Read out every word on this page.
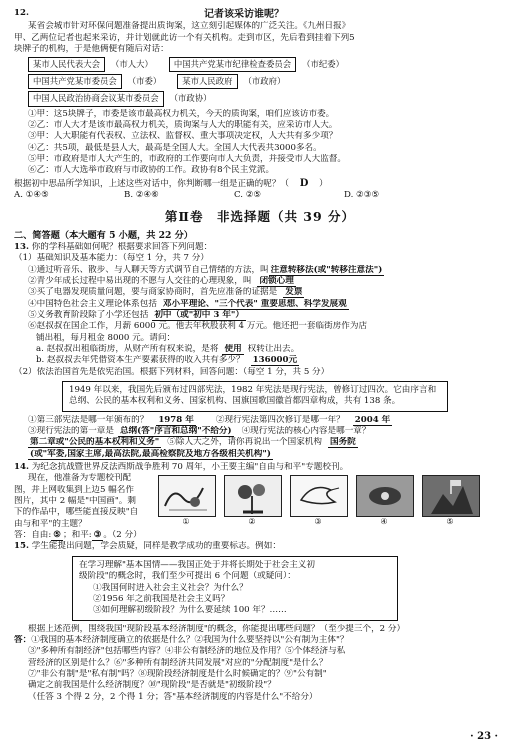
12.	记者该采访谁呢？
某省会城市针对环保问题准备提出质询案，这立刻引起媒体的广泛关注。《九州日报》
甲、乙两位记者也起来采访，并计划就此访一个有关机构。走到市区，先后看到挂着下列5
块牌子的机构，于是他俩便有随后对话：
某市人民代表大会	（市人大）	中国共产党某市纪律检查委员会	（市纪委）
中国共产党某市委员会	（市委）	某市人民政府	（市政府）
中国人民政治协商会议某市委员会	（市政协）
①甲：这5块牌子，市委是该市最高权力机关，今天的质询案，咱们应该访市委。
②乙：市人大才是该市最高权力机关，质询案与人大的职能有关，应采访市人大。
③甲：人大职能有代表权、立法权、监督权、重大事项决定权，人大共有多少项？
④乙：共5项，最低是县人大，最高是全国人大。全国人大代表共3000多名。
⑤甲：市政府是市人大产生的，市政府的工作要向市人大负责，并接受市人大监督。
⑥乙：市人大选举市政府与市政协的工作。政协有8个民主党派。
根据初中思品所学知识，上述这些对话中，你判断哪一组是正确的呢？（ D ）
A. ①④⑤	B. ②④⑥	C. ②⑤	D. ②③⑤
第Ⅱ卷　非选择题（共 39 分）
二、简答题（本大题有 5 小题，共 22 分）
13. 你的学科基础如何呢？根据要求回答下列问题：
（1）基础知识及基本能力：（每空 1 分，共 7 分）
①通过听音乐、散步、与人聊天等方式调节自己情绪的方法，叫 注意转移法(或"转移注意法")
②青少年成长过程中易出现的不愿与人交往的心理现象，叫 闭锁心理
③买了电器发现质量问题，要与商家协商时，首先应准备的证据是 发票
④中国特色社会主义理论体系包括 邓小平理论、"三个代表" 重要思想、科学发展观
⑤义务教育阶段除了小学还包括 初中（或"初中 3 年"）
⑥赵叔叔在国企工作，月薪 6000 元。他去年秋股获利 4 万元。他还把一套临街房作为店
铺出租，每月租金 8000 元。请问：
a. 赵叔叔出租临街房，从财产所有权来说，是将 使用 权转让出去。
b. 赵叔叔去年凭借资本生产要素获得的收入共有多少？ 136000元
（2）依法治国首先是依宪治国。根据下列材料，回答问题：（每空 1 分，共 5 分）
1949 年以来，我国先后颁布过四部宪法，1982 年宪法是现行宪法，曾修订过四次。它由序言和总纲、公民的基本权利和义务、国家机构、国旗国歌国徽首都四章构成，共有 138 条。
①第三部宪法是哪一年颁布的？ 1978 年	②现行宪法第四次修订是哪一年？ 2004 年
③现行宪法的第一章是 总纲(答"序言和总纲"不给分) ④现行宪法的核心内容是哪一章？
第二章或"公民的基本权利和义务" ⑤除人大之外，请你再说出一个国家机构 国务院
(或"军委,国家主席,最高法院,最高检察院及地方各级相关机构")
14. 为纪念抗战暨世界反法西斯战争胜利 70 周年，小王要主编"自由与和平"专题校刊。
现在，他准备为专题校刊配
图，并上网收集到上边5 幅名作
图片，其中 2 幅是"中国画"。剩
下的作品中，哪些能直接反映"自
由与和平"的主题？
答：自由: ⑤ ；和平: ③ 。（2 分）
①	②	③	④	⑤
15. 学生能提出问题，学会质疑，同样是教学成功的重要标志。例如：
在学习理解"基本国情——我国正处于并将长期处于社会主义初
级阶段"的概念时，我们至少可提出 6 个问题（或疑问）：
①我国何时进入社会主义社会？为什么？
②1956 年之前我国是社会主义吗？
③如何理解初级阶段？为什么要延续 100 年？……
根据上述范例，围绕我国"现阶段基本经济制度"的概念，你能提出哪些问题？（至少提三个，2 分）
答：①我国的基本经济制度确立的依据是什么？②我国为什么要坚持以"公有制为主体"？
③"多种所有制经济"包括哪些内容？④非公有制经济的地位及作用？⑤个体经济与私
营经济的区别是什么？⑥"多种所有制经济共同发展"对应的"分配制度"是什么？
⑦"非公有制"是"私有制"吗？⑧现阶段经济制度是什么时候确定的？⑨"公有制"
确定之前我国是什么经济制度？⑩"现阶段"是否就是"初级阶段"？
（任答 3 个得 2 分，2 个得 1 分；答"基本经济制度的内容是什么"不给分）
· 23 ·
